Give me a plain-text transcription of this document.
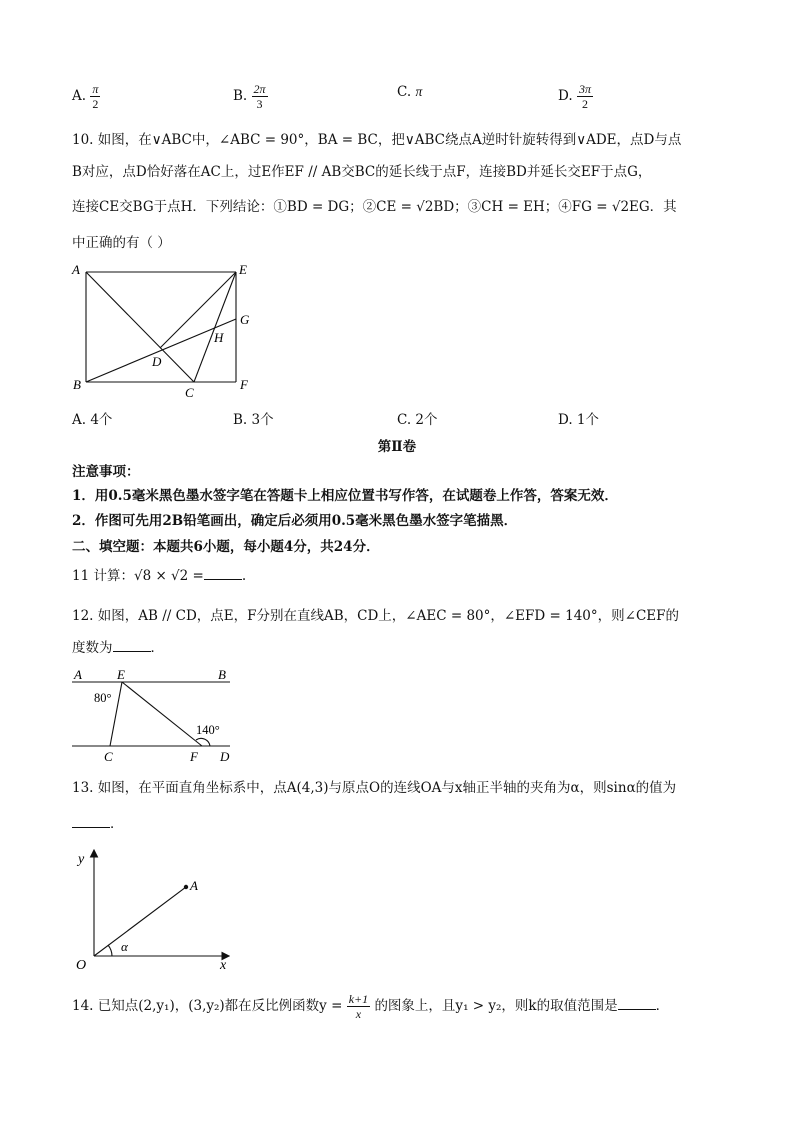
A. $\frac{\pi}{2}$	B. $\frac{2\pi}{3}$	C. π	D. $\frac{3\pi}{2}$
10. 如图，在∨ABC中，∠ABC = 90°，BA = BC，把∨ABC绕点A逆时针旋转得到∨ADE，点D与点
B对应，点D恰好落在AC上，过E作EF // AB交BC的延长线于点F，连接BD并延长交EF于点G，
连接CE交BG于点H．下列结论：①BD = DG；②CE = √2BD；③CH = EH；④FG = √2EG．其
中正确的有（ ）
A	E
G
H
D
B
C
F
A. 4个	B. 3个	C. 2个	D. 1个
第Ⅱ卷
注意事项：
1．用0.5毫米黑色墨水签字笔在答题卡上相应位置书写作答，在试题卷上作答，答案无效．
2．作图可先用2B铅笔画出，确定后必须用0.5毫米黑色墨水签字笔描黑．
二、填空题：本题共6小题，每小题4分，共24分．
11 计算：√8 × √2 =	.
12. 如图，AB // CD，点E，F分别在直线AB，CD上，∠AEC = 80°，∠EFD = 140°，则∠CEF的
度数为	．
A	E	B
80°
140°
C	F D
13. 如图，在平面直角坐标系中，点A(4,3)与原点O的连线OA与x轴正半轴的夹角为α，则sinα的值为
．
y
A
α
O	x
14. 已知点(2,y₁)，(3,y₂)都在反比例函数$y = \frac{k+1}{x}$ 的图象上，且y₁ > y₂，则k的取值范围是	．
